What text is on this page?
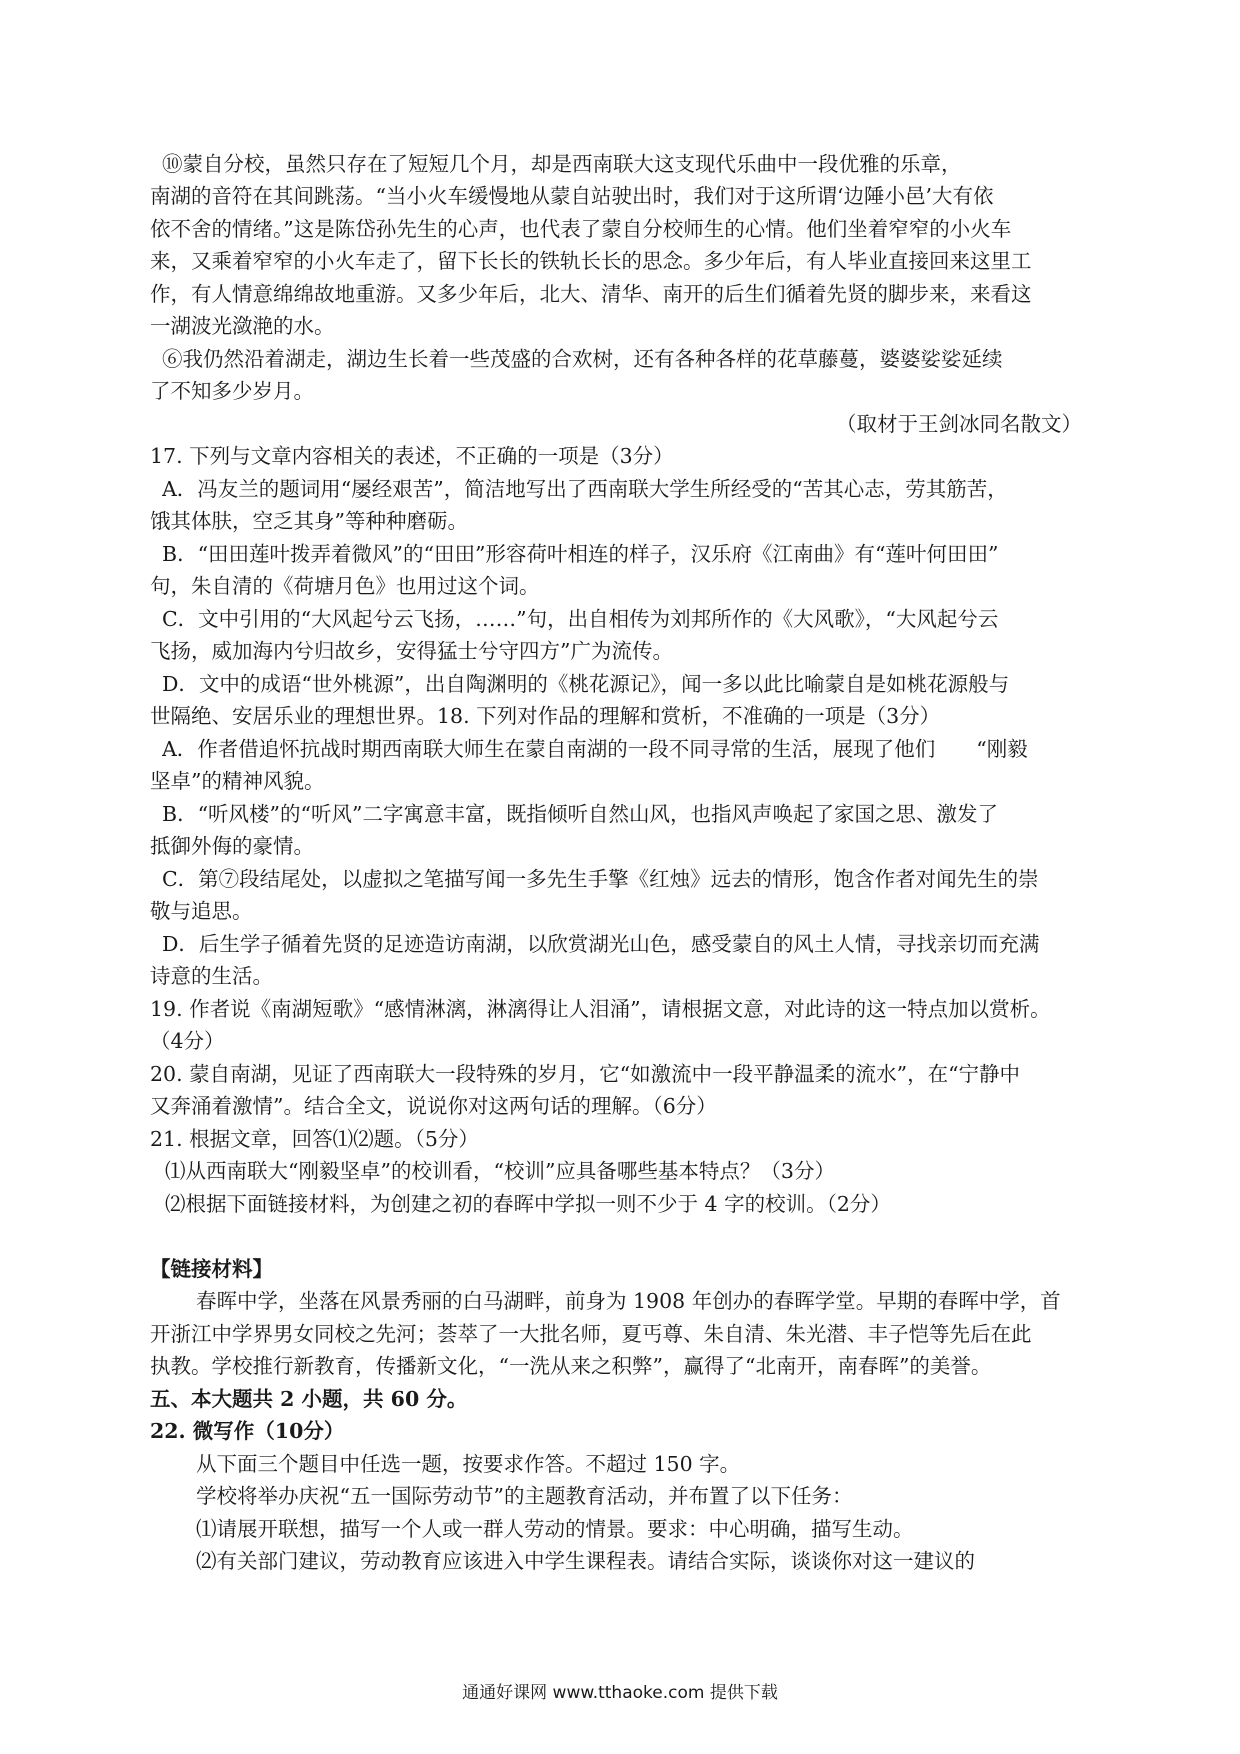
⑩蒙自分校，虽然只存在了短短几个月，却是西南联大这支现代乐曲中一段优雅的乐章，
南湖的音符在其间跳荡。“当小火车缓慢地从蒙自站驶出时，我们对于这所谓‘边陲小邑’大有依
依不舍的情绪。”这是陈岱孙先生的心声，也代表了蒙自分校师生的心情。他们坐着窄窄的小火车
来，又乘着窄窄的小火车走了，留下长长的铁轨长长的思念。多少年后，有人毕业直接回来这里工
作，有人情意绵绵故地重游。又多少年后，北大、清华、南开的后生们循着先贤的脚步来，来看这
一湖波光潋滟的水。
⑥我仍然沿着湖走，湖边生长着一些茂盛的合欢树，还有各种各样的花草藤蔓，婆婆娑娑延续
了不知多少岁月。
（取材于王剑冰同名散文）
17. 下列与文章内容相关的表述，不正确的一项是（3分）
A．冯友兰的题词用“屡经艰苦”，简洁地写出了西南联大学生所经受的“苦其心志，劳其筋苦，
饿其体肤，空乏其身”等种种磨砺。
B．“田田莲叶拨弄着微风”的“田田”形容荷叶相连的样子，汉乐府《江南曲》有“莲叶何田田”
句，朱自清的《荷塘月色》也用过这个词。
C．文中引用的“大风起兮云飞扬，……”句，出自相传为刘邦所作的《大风歌》，“大风起兮云
飞扬，威加海内兮归故乡，安得猛士兮守四方”广为流传。
D．文中的成语“世外桃源”，出自陶渊明的《桃花源记》，闻一多以此比喻蒙自是如桃花源般与
世隔绝、安居乐业的理想世界。18. 下列对作品的理解和赏析，不准确的一项是（3分）
A．作者借追怀抗战时期西南联大师生在蒙自南湖的一段不同寻常的生活，展现了他们　　“刚毅
坚卓”的精神风貌。
B．“听风楼”的“听风”二字寓意丰富，既指倾听自然山风，也指风声唤起了家国之思、激发了
抵御外侮的豪情。
C．第⑦段结尾处，以虚拟之笔描写闻一多先生手擎《红烛》远去的情形，饱含作者对闻先生的崇
敬与追思。
D．后生学子循着先贤的足迹造访南湖，以欣赏湖光山色，感受蒙自的风土人情，寻找亲切而充满
诗意的生活。
19. 作者说《南湖短歌》“感情淋漓，淋漓得让人泪涌”，请根据文意，对此诗的这一特点加以赏析。
（4分）
20. 蒙自南湖，见证了西南联大一段特殊的岁月，它“如激流中一段平静温柔的流水”，在“宁静中
又奔涌着激情”。结合全文，说说你对这两句话的理解。（6分）
21. 根据文章，回答⑴⑵题。（5分）
⑴从西南联大“刚毅坚卓”的校训看，“校训”应具备哪些基本特点？（3分）
⑵根据下面链接材料，为创建之初的春晖中学拟一则不少于 4 字的校训。（2分）
【链接材料】
春晖中学，坐落在风景秀丽的白马湖畔，前身为 1908 年创办的春晖学堂。早期的春晖中学，首
开浙江中学界男女同校之先河；荟萃了一大批名师，夏丐尊、朱自清、朱光潜、丰子恺等先后在此
执教。学校推行新教育，传播新文化，“一洗从来之积弊”，赢得了“北南开，南春晖”的美誉。
五、本大题共 2 小题，共 60 分。
22. 微写作（10分）
从下面三个题目中任选一题，按要求作答。不超过 150 字。
学校将举办庆祝“五一国际劳动节”的主题教育活动，并布置了以下任务：
⑴请展开联想，描写一个人或一群人劳动的情景。要求：中心明确，描写生动。
⑵有关部门建议，劳动教育应该进入中学生课程表。请结合实际，谈谈你对这一建议的
通通好课网 www.tthaoke.com 提供下载
